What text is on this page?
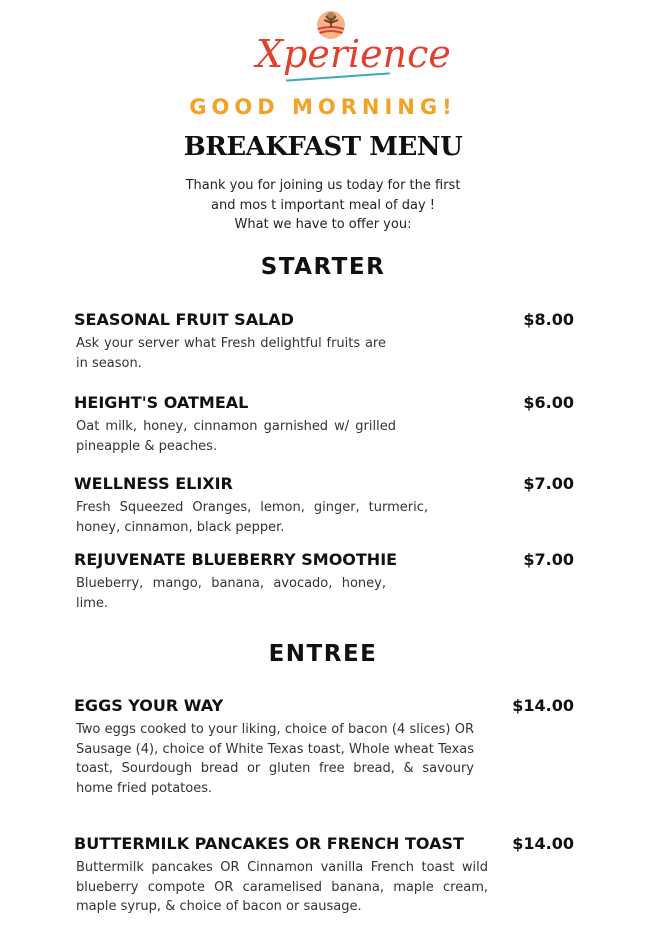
Xperience
GOOD MORNING!
BREAKFAST MENU
Thank you for joining us today for the first
and mos t important meal of day !
What we have to offer you:
STARTER
SEASONAL FRUIT SALAD	$8.00
Ask your server what Fresh delightful fruits are in season.
HEIGHT'S OATMEAL	$6.00
Oat milk, honey, cinnamon garnished w/ grilled pineapple & peaches.
WELLNESS ELIXIR	$7.00
Fresh Squeezed Oranges, lemon, ginger, turmeric, honey, cinnamon, black pepper.
REJUVENATE BLUEBERRY SMOOTHIE	$7.00
Blueberry, mango, banana, avocado, honey, lime.
ENTREE
EGGS YOUR WAY	$14.00
Two eggs cooked to your liking, choice of bacon (4 slices) OR Sausage (4), choice of White Texas toast, Whole wheat Texas toast, Sourdough bread or gluten free bread, & savoury home fried potatoes.
BUTTERMILK PANCAKES OR FRENCH TOAST	$14.00
Buttermilk pancakes OR Cinnamon vanilla French toast wild blueberry compote OR caramelised banana, maple cream, maple syrup, & choice of bacon or sausage.
